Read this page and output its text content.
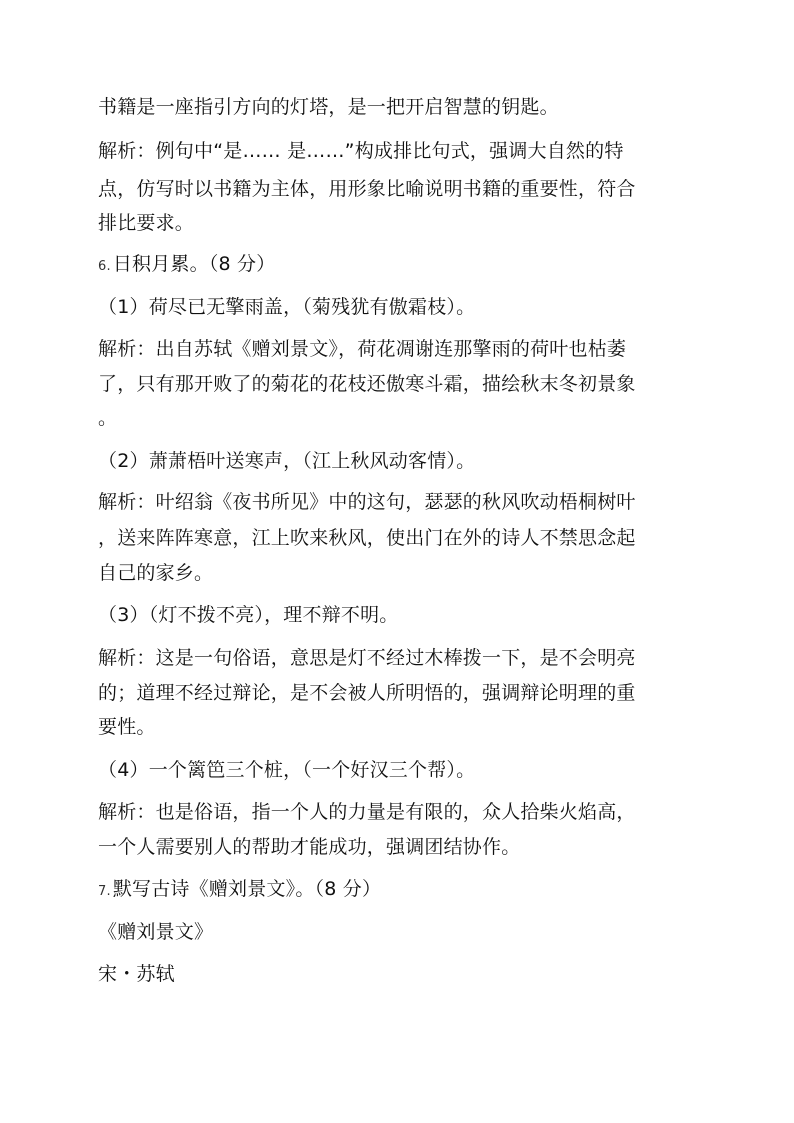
书籍是一座指引方向的灯塔，是一把开启智慧的钥匙。
解析：例句中“是…… 是……”构成排比句式，强调大自然的特
点，仿写时以书籍为主体，用形象比喻说明书籍的重要性，符合
排比要求。
6. 日积月累。（8 分）
（1）荷尽已无擎雨盖，（菊残犹有傲霜枝）。
解析：出自苏轼《赠刘景文》，荷花凋谢连那擎雨的荷叶也枯萎
了，只有那开败了的菊花的花枝还傲寒斗霜，描绘秋末冬初景象
。
（2）萧萧梧叶送寒声，（江上秋风动客情）。
解析：叶绍翁《夜书所见》中的这句，瑟瑟的秋风吹动梧桐树叶
，送来阵阵寒意，江上吹来秋风，使出门在外的诗人不禁思念起
自己的家乡。
（3）（灯不拨不亮），理不辩不明。
解析：这是一句俗语，意思是灯不经过木棒拨一下，是不会明亮
的；道理不经过辩论，是不会被人所明悟的，强调辩论明理的重
要性。
（4）一个篱笆三个桩，（一个好汉三个帮）。
解析：也是俗语，指一个人的力量是有限的，众人拾柴火焰高，
一个人需要别人的帮助才能成功，强调团结协作。
7. 默写古诗《赠刘景文》。（8 分）
《赠刘景文》
宋・苏轼
